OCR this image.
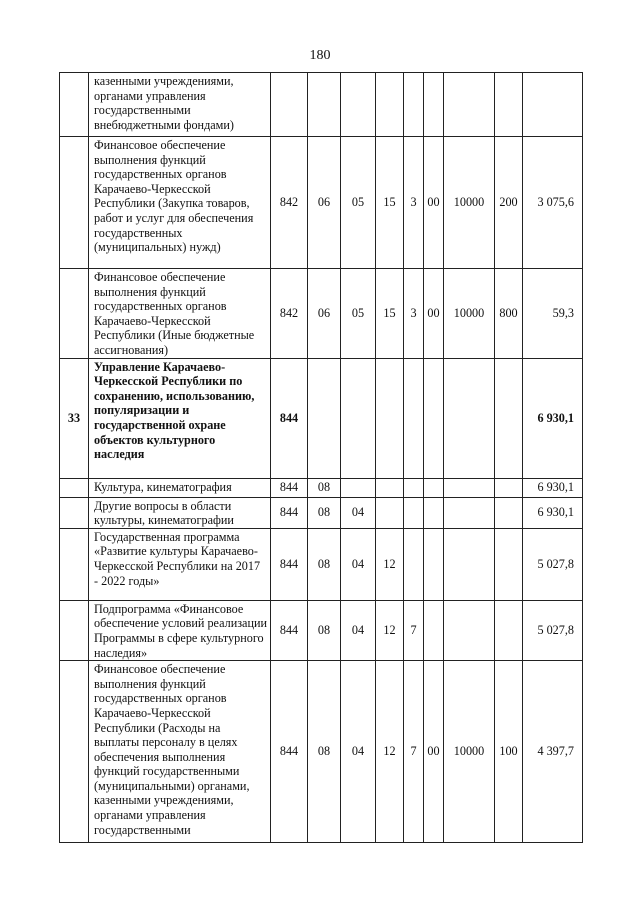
180
	казенными учреждениями, органами управления государственными внебюджетными фондами)									
	Финансовое обеспечение выполнения функций государственных органов Карачаево-Черкесской Республики (Закупка товаров, работ и услуг для обеспечения государственных (муниципальных) нужд)	842	06	05	15	3	00	10000	200	3 075,6
	Финансовое обеспечение выполнения функций государственных органов Карачаево-Черкесской Республики (Иные бюджетные ассигнования)	842	06	05	15	3	00	10000	800	59,3
33	Управление Карачаево-Черкесской Республики по сохранению, использованию, популяризации и государственной охране объектов культурного наследия	844								6 930,1
	Культура, кинематография	844	08							6 930,1
	Другие вопросы в области культуры, кинематографии	844	08	04						6 930,1
	Государственная программа «Развитие культуры Карачаево-Черкесской Республики на 2017 - 2022 годы»	844	08	04	12					5 027,8
	Подпрограмма «Финансовое обеспечение условий реализации Программы в сфере культурного наследия»	844	08	04	12	7				5 027,8
	Финансовое обеспечение выполнения функций государственных органов Карачаево-Черкесской Республики (Расходы на выплаты персоналу в целях обеспечения выполнения функций государственными (муниципальными) органами, казенными учреждениями, органами управления государственными	844	08	04	12	7	00	10000	100	4 397,7
